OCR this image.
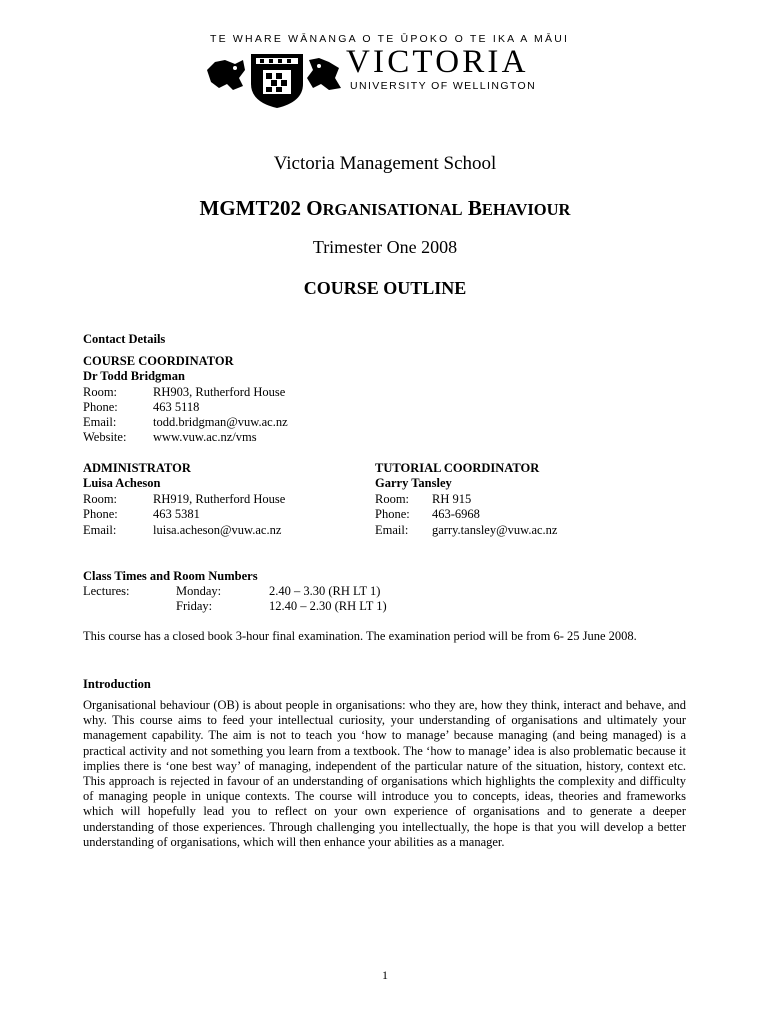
TE WHARE WĀNANGA O TE ŪPOKO O TE IKA A MĀUI
VICTORIA
UNIVERSITY OF WELLINGTON
Victoria Management School
MGMT202 ORGANISATIONAL BEHAVIOUR
Trimester One 2008
COURSE OUTLINE
Contact Details
COURSE COORDINATOR
Dr Todd Bridgman
Room:	RH903, Rutherford House
Phone:	463 5118
Email:	todd.bridgman@vuw.ac.nz
Website: www.vuw.ac.nz/vms
ADMINISTRATOR
Luisa Acheson
Room:	RH919, Rutherford House
Phone:	463 5381
Email:	luisa.acheson@vuw.ac.nz
TUTORIAL COORDINATOR
Garry Tansley
Room: RH 915
Phone: 463-6968
Email: garry.tansley@vuw.ac.nz
Class Times and Room Numbers
Lectures:	Monday:	2.40 – 3.30 (RH LT 1)
Friday:	12.40 – 2.30 (RH LT 1)
This course has a closed book 3-hour final examination. The examination period will be from 6- 25 June 2008.
Introduction
Organisational behaviour (OB) is about people in organisations: who they are, how they think, interact and behave, and why. This course aims to feed your intellectual curiosity, your understanding of organisations and ultimately your management capability. The aim is not to teach you ‘how to manage’ because managing (and being managed) is a practical activity and not something you learn from a textbook. The ‘how to manage’ idea is also problematic because it implies there is ‘one best way’ of managing, independent of the particular nature of the situation, history, context etc. This approach is rejected in favour of an understanding of organisations which highlights the complexity and difficulty of managing people in unique contexts. The course will introduce you to concepts, ideas, theories and frameworks which will hopefully lead you to reflect on your own experience of organisations and to generate a deeper understanding of those experiences. Through challenging you intellectually, the hope is that you will develop a better understanding of organisations, which will then enhance your abilities as a manager.
1
